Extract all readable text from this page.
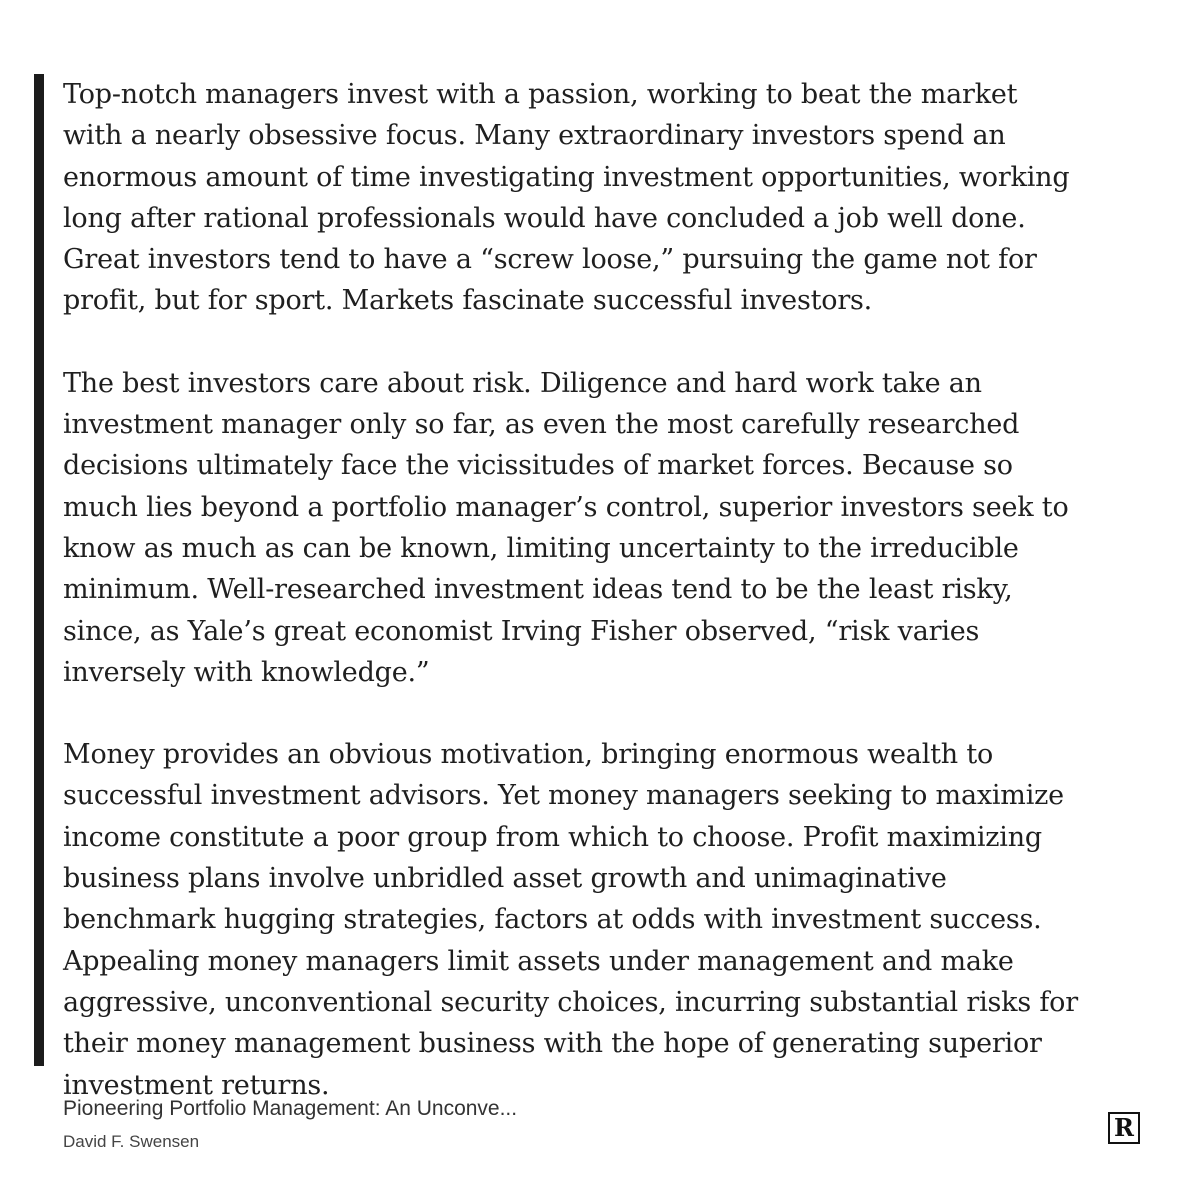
Top-notch managers invest with a passion, working to beat the market with a nearly obsessive focus. Many extraordinary investors spend an enormous amount of time investigating investment opportunities, working long after rational professionals would have concluded a job well done. Great investors tend to have a “screw loose,” pursuing the game not for profit, but for sport. Markets fascinate successful investors.

The best investors care about risk. Diligence and hard work take an investment manager only so far, as even the most carefully researched decisions ultimately face the vicissitudes of market forces. Because so much lies beyond a portfolio manager’s control, superior investors seek to know as much as can be known, limiting uncertainty to the irreducible minimum. Well-researched investment ideas tend to be the least risky, since, as Yale’s great economist Irving Fisher observed, “risk varies inversely with knowledge.”

Money provides an obvious motivation, bringing enormous wealth to successful investment advisors. Yet money managers seeking to maximize income constitute a poor group from which to choose. Profit maximizing business plans involve unbridled asset growth and unimaginative benchmark hugging strategies, factors at odds with investment success. Appealing money managers limit assets under management and make aggressive, unconventional security choices, incurring substantial risks for their money management business with the hope of generating superior investment returns.

Pioneering Portfolio Management: An Unconve...
David F. Swensen	R
